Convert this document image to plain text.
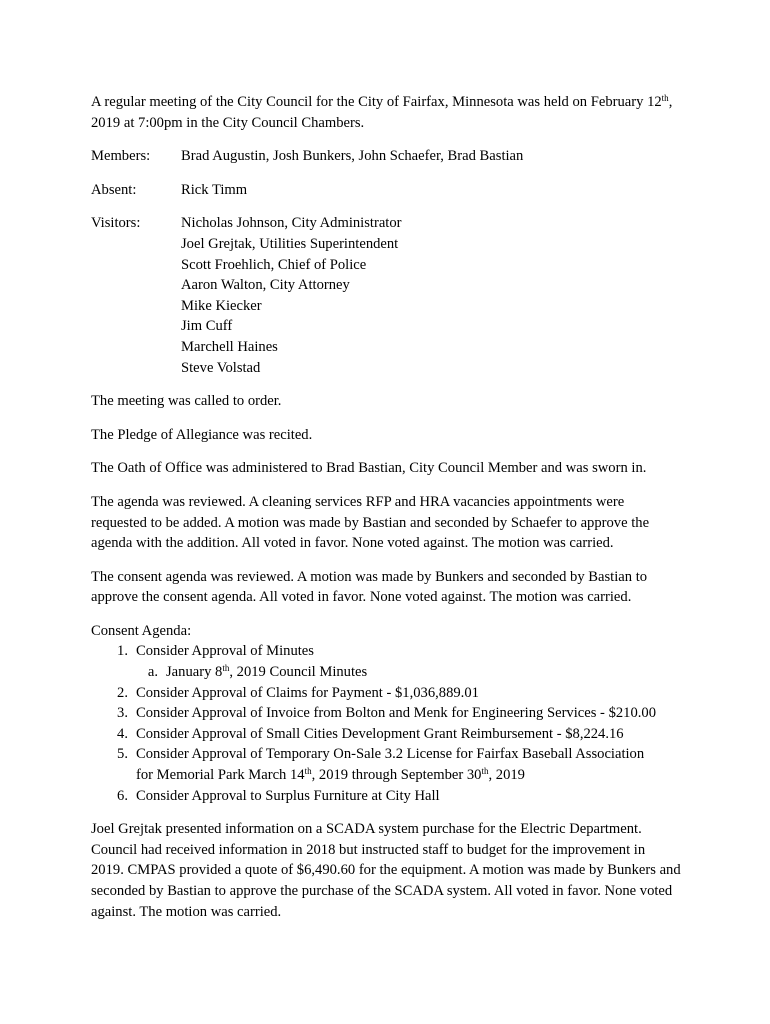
A regular meeting of the City Council for the City of Fairfax, Minnesota was held on February 12th, 2019 at 7:00pm in the City Council Chambers.

Members:	Brad Augustin, Josh Bunkers, John Schaefer, Brad Bastian
Absent:	Rick Timm
Visitors:	Nicholas Johnson, City Administrator
Joel Grejtak, Utilities Superintendent
Scott Froehlich, Chief of Police
Aaron Walton, City Attorney
Mike Kiecker
Jim Cuff
Marchell Haines
Steve Volstad

The meeting was called to order.

The Pledge of Allegiance was recited.

The Oath of Office was administered to Brad Bastian, City Council Member and was sworn in.

The agenda was reviewed. A cleaning services RFP and HRA vacancies appointments were requested to be added. A motion was made by Bastian and seconded by Schaefer to approve the agenda with the addition. All voted in favor. None voted against. The motion was carried.

The consent agenda was reviewed. A motion was made by Bunkers and seconded by Bastian to approve the consent agenda. All voted in favor. None voted against. The motion was carried.

Consent Agenda:
1. Consider Approval of Minutes
a. January 8th, 2019 Council Minutes
2. Consider Approval of Claims for Payment - $1,036,889.01
3. Consider Approval of Invoice from Bolton and Menk for Engineering Services - $210.00
4. Consider Approval of Small Cities Development Grant Reimbursement - $8,224.16
5. Consider Approval of Temporary On-Sale 3.2 License for Fairfax Baseball Association
for Memorial Park March 14th, 2019 through September 30th, 2019
6. Consider Approval to Surplus Furniture at City Hall

Joel Grejtak presented information on a SCADA system purchase for the Electric Department. Council had received information in 2018 but instructed staff to budget for the improvement in 2019. CMPAS provided a quote of $6,490.60 for the equipment. A motion was made by Bunkers and seconded by Bastian to approve the purchase of the SCADA system. All voted in favor. None voted against. The motion was carried.
